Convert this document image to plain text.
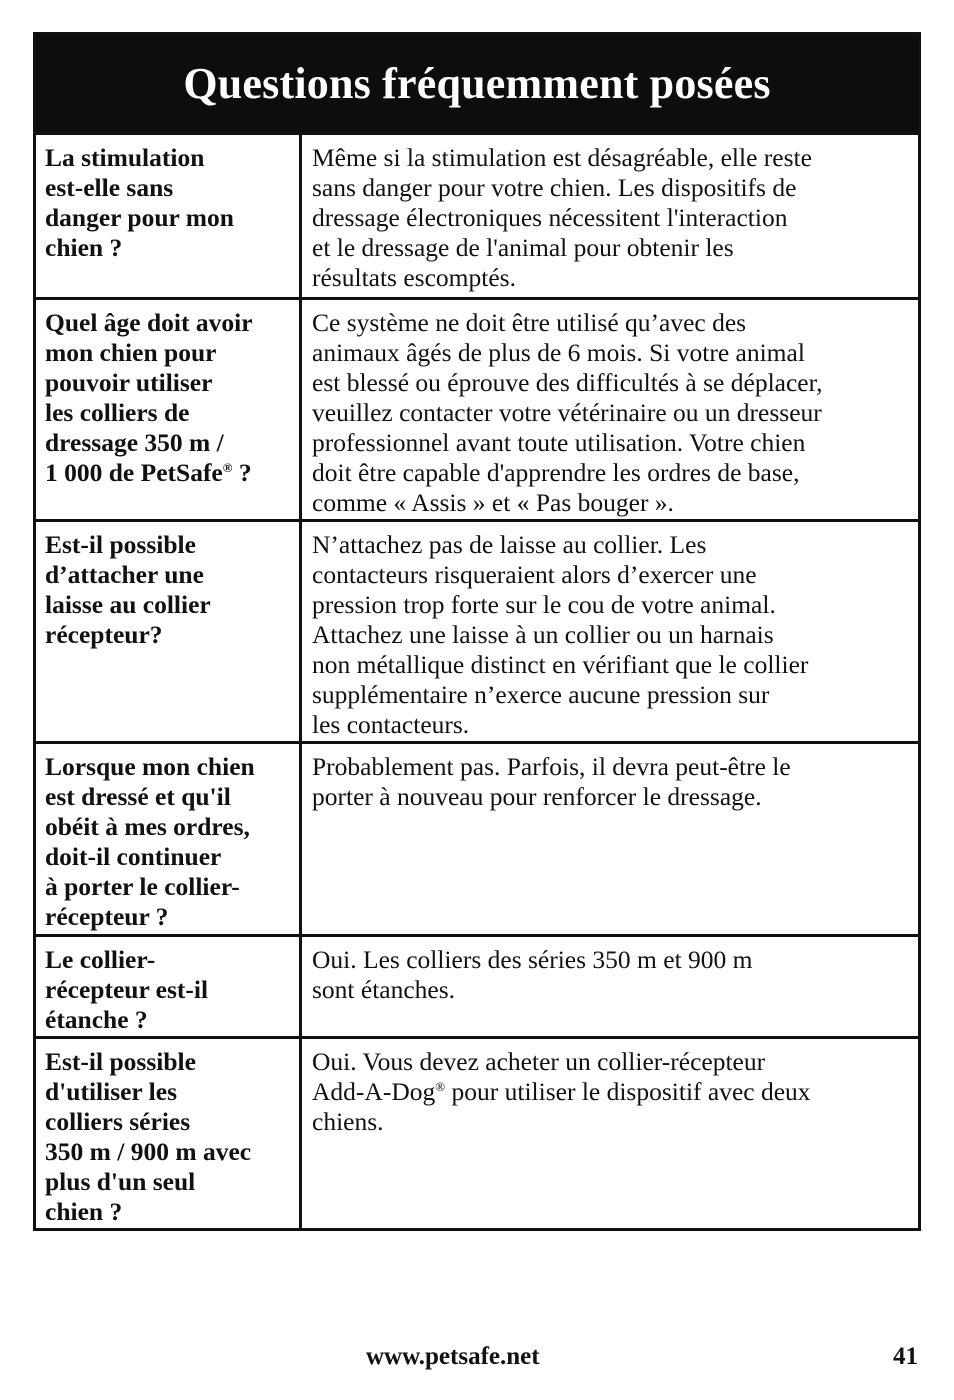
Questions fréquemment posées
La stimulation
est-elle sans
danger pour mon
chien ?
Même si la stimulation est désagréable, elle reste
sans danger pour votre chien. Les dispositifs de
dressage électroniques nécessitent l'interaction
et le dressage de l'animal pour obtenir les
résultats escomptés.
Quel âge doit avoir
mon chien pour
pouvoir utiliser
les colliers de
dressage 350 m /
1 000 de PetSafe® ?
Ce système ne doit être utilisé qu’avec des
animaux âgés de plus de 6 mois. Si votre animal
est blessé ou éprouve des difficultés à se déplacer,
veuillez contacter votre vétérinaire ou un dresseur
professionnel avant toute utilisation. Votre chien
doit être capable d'apprendre les ordres de base,
comme « Assis » et « Pas bouger ».
Est-il possible
d’attacher une
laisse au collier
récepteur?
N’attachez pas de laisse au collier. Les
contacteurs risqueraient alors d’exercer une
pression trop forte sur le cou de votre animal.
Attachez une laisse à un collier ou un harnais
non métallique distinct en vérifiant que le collier
supplémentaire n’exerce aucune pression sur
les contacteurs.
Lorsque mon chien
est dressé et qu'il
obéit à mes ordres,
doit-il continuer
à porter le collier-
récepteur ?
Probablement pas. Parfois, il devra peut-être le
porter à nouveau pour renforcer le dressage.
Le collier-
récepteur est-il
étanche ?
Oui. Les colliers des séries 350 m et 900 m
sont étanches.
Est-il possible
d'utiliser les
colliers séries
350 m / 900 m avec
plus d'un seul
chien ?
Oui. Vous devez acheter un collier-récepteur
Add-A-Dog® pour utiliser le dispositif avec deux
chiens.
www.petsafe.net	41
